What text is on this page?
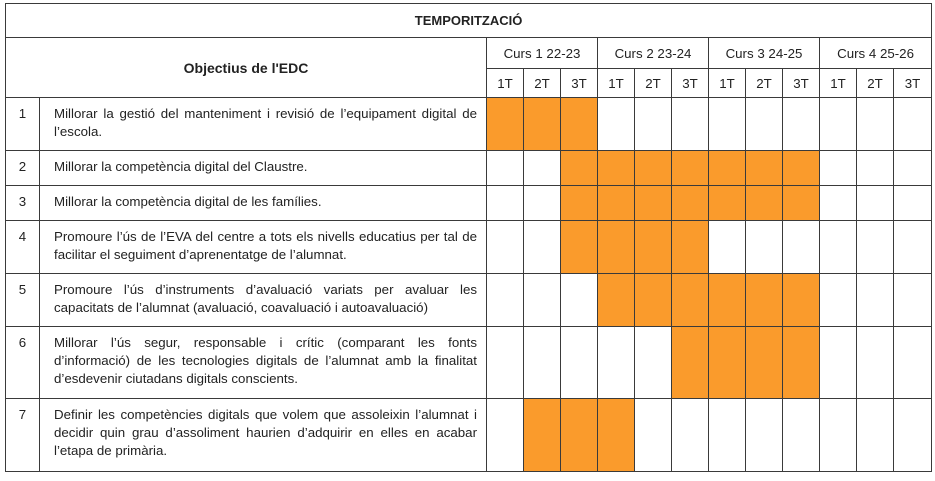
TEMPORITZACIÓ													
Objectius de l'EDC		Curs 1 22-23			Curs 2 23-24			Curs 3 24-25			Curs 4 25-26		
		1T	2T	3T	1T	2T	3T	1T	2T	3T	1T	2T	3T
1	Millorar la gestió del manteniment i revisió de l’equipament digital de l’escola.												
2	Millorar la competència digital del Claustre.												
3	Millorar la competència digital de les famílies.												
4	Promoure l’ús de l’EVA del centre a tots els nivells educatius per tal de facilitar el seguiment d’aprenentatge de l’alumnat.												
5	Promoure l’ús d’instruments d’avaluació variats per avaluar les capacitats de l’alumnat (avaluació, coavaluació i autoavaluació)												
6	Millorar l’ús segur, responsable i crític (comparant les fonts d’informació) de les tecnologies digitals de l’alumnat amb la finalitat d’esdevenir ciutadans digitals conscients.												
7	Definir les competències digitals que volem que assoleixin l’alumnat i decidir quin grau d’assoliment haurien d’adquirir en elles en acabar l’etapa de primària.												
